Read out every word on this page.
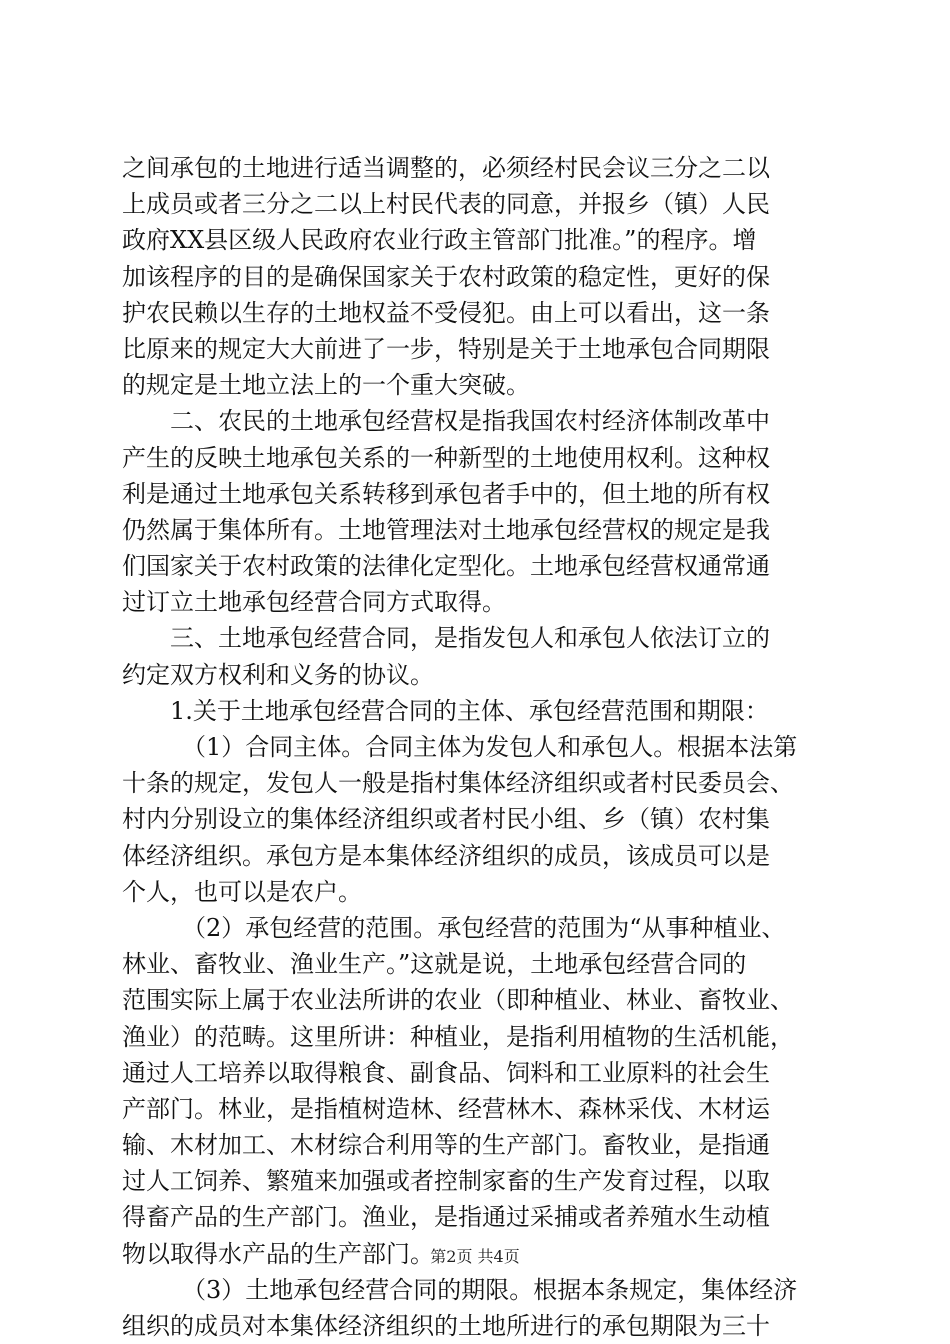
之间承包的土地进行适当调整的，必须经村民会议三分之二以
上成员或者三分之二以上村民代表的同意，并报乡（镇）人民
政府XX县区级人民政府农业行政主管部门批准。”的程序。增
加该程序的目的是确保国家关于农村政策的稳定性，更好的保
护农民赖以生存的土地权益不受侵犯。由上可以看出，这一条
比原来的规定大大前进了一步，特别是关于土地承包合同期限
的规定是土地立法上的一个重大突破。
二、农民的土地承包经营权是指我国农村经济体制改革中
产生的反映土地承包关系的一种新型的土地使用权利。这种权
利是通过土地承包关系转移到承包者手中的，但土地的所有权
仍然属于集体所有。土地管理法对土地承包经营权的规定是我
们国家关于农村政策的法律化定型化。土地承包经营权通常通
过订立土地承包经营合同方式取得。
三、土地承包经营合同，是指发包人和承包人依法订立的
约定双方权利和义务的协议。
1.关于土地承包经营合同的主体、承包经营范围和期限：
（1）合同主体。合同主体为发包人和承包人。根据本法第
十条的规定，发包人一般是指村集体经济组织或者村民委员会、
村内分别设立的集体经济组织或者村民小组、乡（镇）农村集
体经济组织。承包方是本集体经济组织的成员，该成员可以是
个人，也可以是农户。
（2）承包经营的范围。承包经营的范围为“从事种植业、
林业、畜牧业、渔业生产。”这就是说，土地承包经营合同的
范围实际上属于农业法所讲的农业（即种植业、林业、畜牧业、
渔业）的范畴。这里所讲：种植业，是指利用植物的生活机能，
通过人工培养以取得粮食、副食品、饲料和工业原料的社会生
产部门。林业，是指植树造林、经营林木、森林采伐、木材运
输、木材加工、木材综合利用等的生产部门。畜牧业，是指通
过人工饲养、繁殖来加强或者控制家畜的生产发育过程，以取
得畜产品的生产部门。渔业，是指通过采捕或者养殖水生动植
物以取得水产品的生产部门。
（3）土地承包经营合同的期限。根据本条规定，集体经济
组织的成员对本集体经济组织的土地所进行的承包期限为三十
第2页 共4页
